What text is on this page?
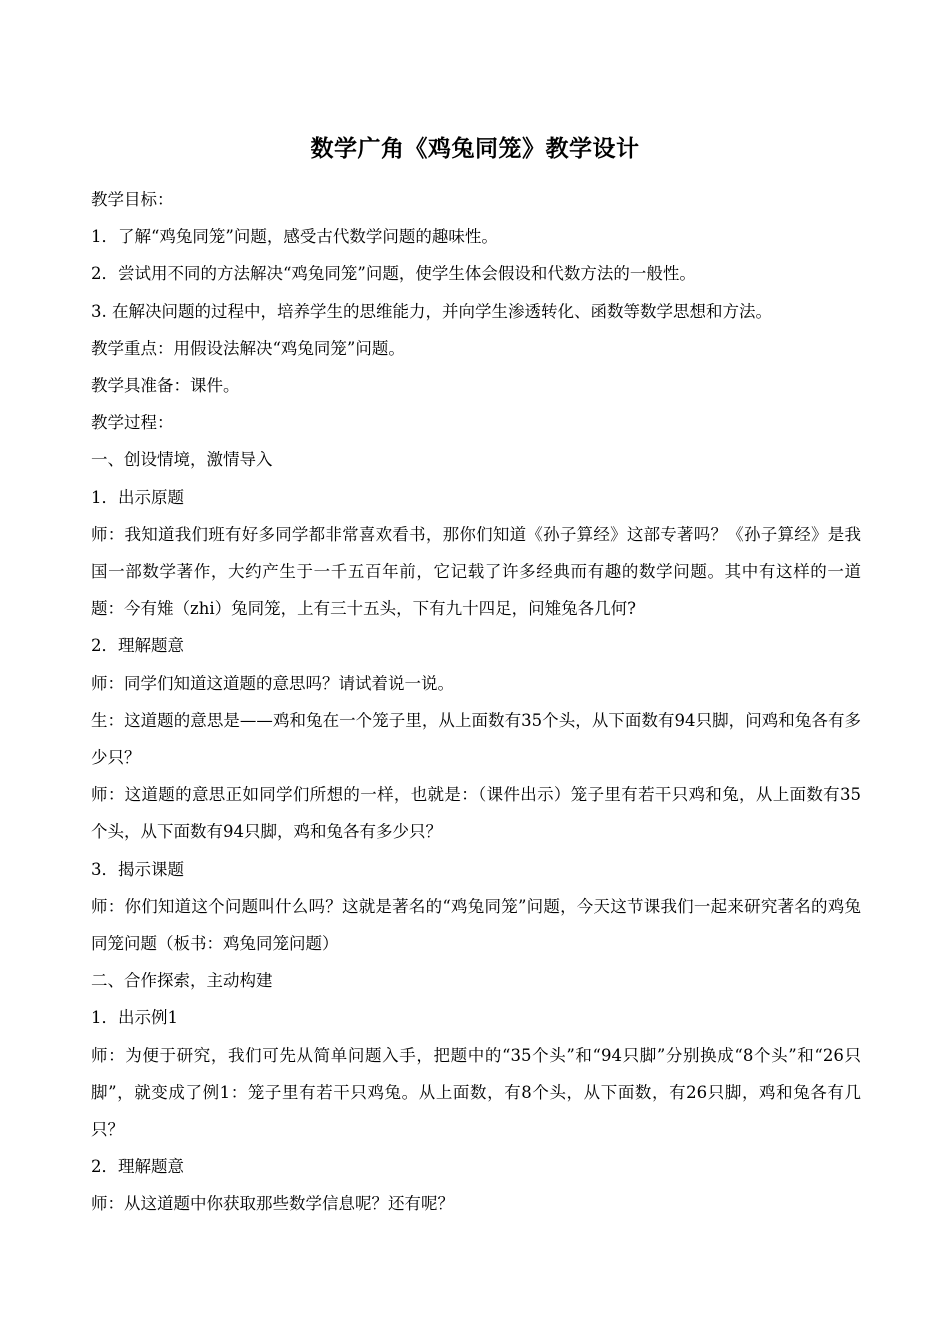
数学广角《鸡兔同笼》教学设计

教学目标：

1．了解“鸡兔同笼”问题，感受古代数学问题的趣味性。

2．尝试用不同的方法解决“鸡兔同笼”问题，使学生体会假设和代数方法的一般性。

3. 在解决问题的过程中，培养学生的思维能力，并向学生渗透转化、函数等数学思想和方法。

教学重点：用假设法解决“鸡兔同笼”问题。

教学具准备：课件。

教学过程：

一、创设情境，激情导入

1．出示原题

师：我知道我们班有好多同学都非常喜欢看书，那你们知道《孙子算经》这部专著吗？《孙子算经》是我国一部数学著作，大约产生于一千五百年前，它记载了许多经典而有趣的数学问题。其中有这样的一道题：今有雉（zhi）兔同笼，上有三十五头，下有九十四足，问雉兔各几何?

2．理解题意

师：同学们知道这道题的意思吗？请试着说一说。

生：这道题的意思是——鸡和兔在一个笼子里，从上面数有35个头，从下面数有94只脚，问鸡和兔各有多少只？

师：这道题的意思正如同学们所想的一样，也就是：（课件出示）笼子里有若干只鸡和兔，从上面数有35个头，从下面数有94只脚，鸡和兔各有多少只？

3．揭示课题

师：你们知道这个问题叫什么吗？这就是著名的“鸡兔同笼”问题，今天这节课我们一起来研究著名的鸡兔同笼问题（板书：鸡兔同笼问题）

二、合作探索，主动构建

1．出示例1

师：为便于研究，我们可先从简单问题入手，把题中的“35个头”和“94只脚”分别换成“8个头”和“26只脚”，就变成了例1：笼子里有若干只鸡兔。从上面数，有8个头，从下面数，有26只脚，鸡和兔各有几只？

2．理解题意

师：从这道题中你获取那些数学信息呢？还有呢？
